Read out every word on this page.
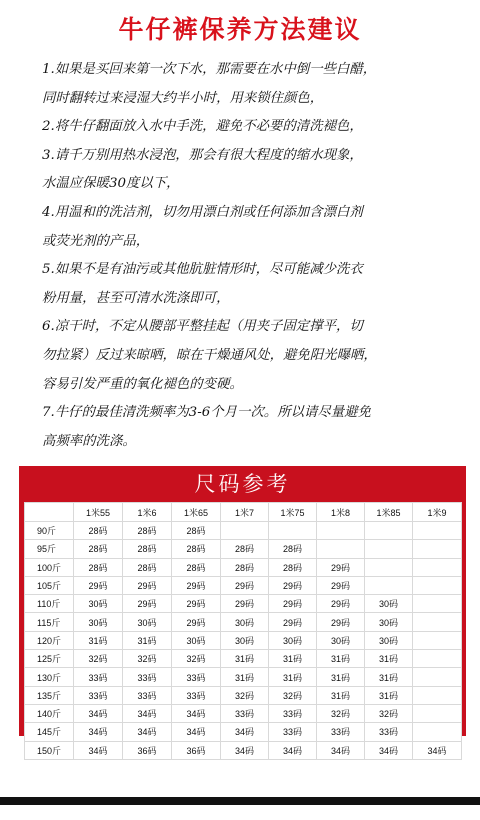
牛仔裤保养方法建议
1.如果是买回来第一次下水，那需要在水中倒一些白醋，
同时翻转过来浸湿大约半小时，用来锁住颜色，
2.将牛仔翻面放入水中手洗，避免不必要的清洗褪色，
3.请千万别用热水浸泡，那会有很大程度的缩水现象，
水温应保暖30度以下，
4.用温和的洗洁剂，切勿用漂白剂或任何添加含漂白剂
或荧光剂的产品，
5.如果不是有油污或其他肮脏情形时，尽可能减少洗衣
粉用量，甚至可清水洗涤即可，
6.凉干时，不定从腰部平整挂起（用夹子固定撑平，切
勿拉紧）反过来晾晒，晾在干燥通风处，避免阳光曝晒，
容易引发严重的氧化褪色的变硬。
7.牛仔的最佳清洗频率为3-6个月一次。所以请尽量避免
高频率的洗涤。
尺码参考
	1米55	1米6	1米65	1米7	1米75	1米8	1米85	1米9
90斤	28码	28码	28码					
95斤	28码	28码	28码	28码	28码			
100斤	28码	28码	28码	28码	28码	29码		
105斤	29码	29码	29码	29码	29码	29码		
110斤	30码	29码	29码	29码	29码	29码	30码	
115斤	30码	30码	29码	30码	29码	29码	30码	
120斤	31码	31码	30码	30码	30码	30码	30码	
125斤	32码	32码	32码	31码	31码	31码	31码	
130斤	33码	33码	33码	31码	31码	31码	31码	
135斤	33码	33码	33码	32码	32码	31码	31码	
140斤	34码	34码	34码	33码	33码	32码	32码	
145斤	34码	34码	34码	34码	33码	33码	33码	
150斤	34码	36码	36码	34码	34码	34码	34码	34码
